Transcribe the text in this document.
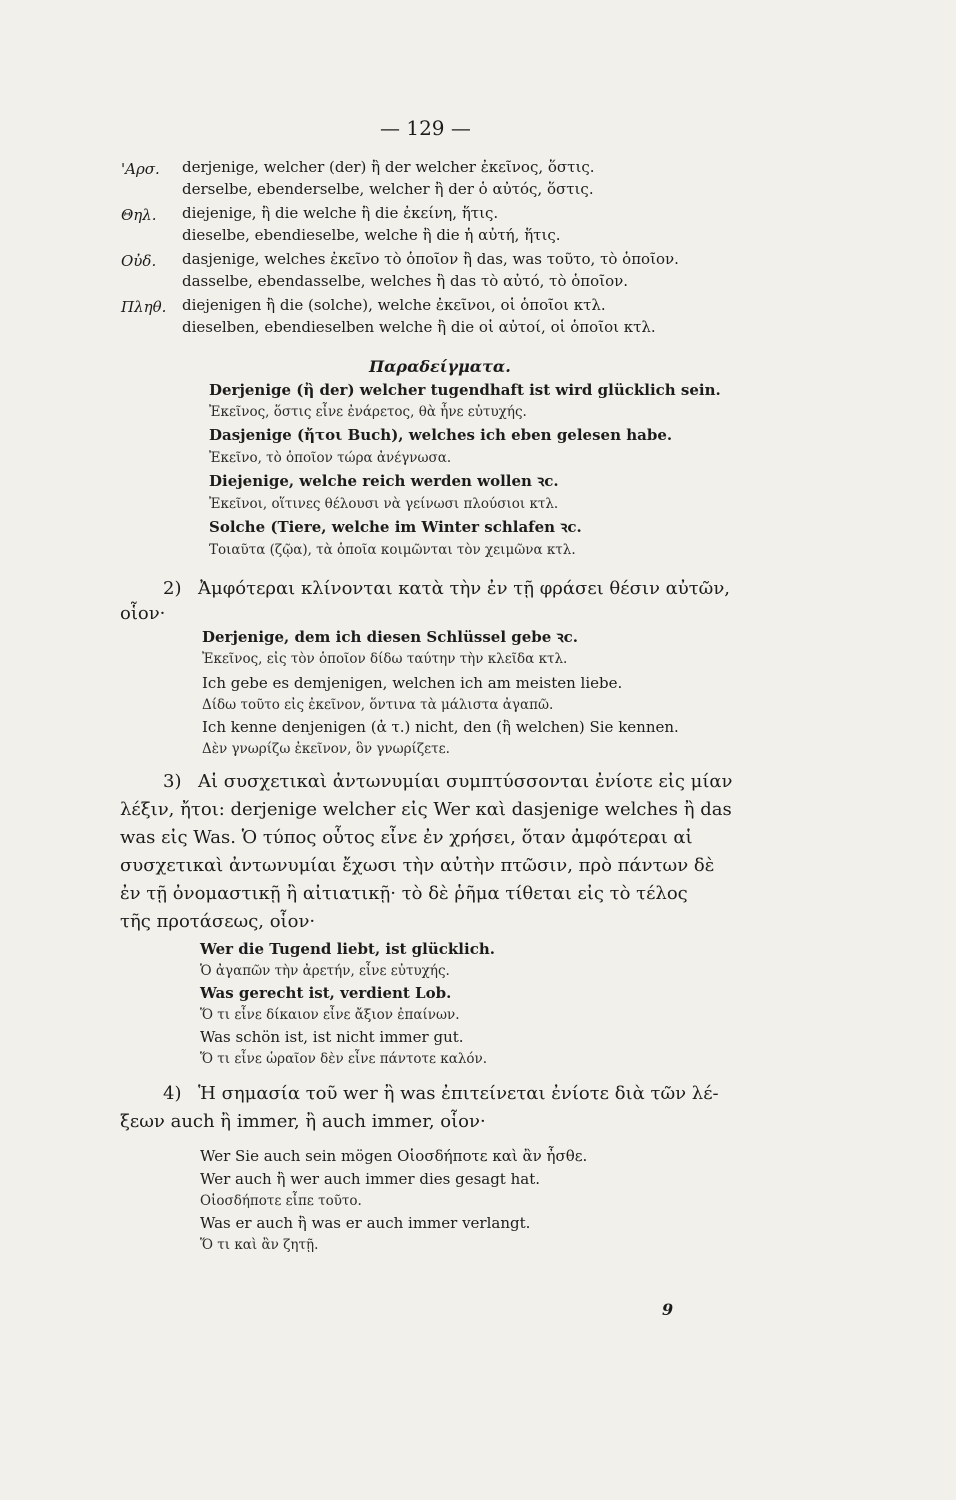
— 129 —
'Αρσ. derjenige, welcher (der) ἢ der welcher ἐκεῖνος, ὅστις.
derselbe, ebenderselbe, welcher ἢ der ὁ αὐτός, ὅστις.
Θηλ. diejenige, ἢ die welche ἢ die ἐκείνη, ἥτις.
dieselbe, ebendieselbe, welche ἢ die ἡ αὐτή, ἥτις.
Οὐδ. dasjenige, welches ἐκεῖνο τὸ ὁποῖον ἢ das, was τοῦτο, τὸ ὁποῖον.
dasselbe, ebendasselbe, welches ἢ das τὸ αὐτό, τὸ ὁποῖον.
Πληθ. diejenigen ἢ die (solche), welche ἐκεῖνοι, οἱ ὁποῖοι κτλ.
dieselben, ebendieselben welche ἢ die οἱ αὐτοί, οἱ ὁποῖοι κτλ.
Παραδείγματα.
Derjenige (ἢ der) welcher tugendhaft ist wird glücklich sein.
Ἐκεῖνος, ὅστις εἶνε ἐνάρετος, θὰ ἦνε εὐτυχής.
Dasjenige (ἤτοι Buch), welches ich eben gelesen habe.
Ἐκεῖνο, τὸ ὁποῖον τώρα ἀνέγνωσα.
Diejenige, welche reich werden wollen ꝛc.
Ἐκεῖνοι, οἵτινες θέλουσι νὰ γείνωσι πλούσιοι κτλ.
Solche (Tiere, welche im Winter schlafen ꝛc.
Τοιαῦτα (ζῷα), τὰ ὁποῖα κοιμῶνται τὸν χειμῶνα κτλ.
2) Ἀμφότεραι κλίνονται κατὰ τὴν ἐν τῇ φράσει θέσιν αὐτῶν,
οἷον·
Derjenige, dem ich diesen Schlüssel gebe ꝛc.
Ἐκεῖνος, εἰς τὸν ὁποῖον δίδω ταύτην τὴν κλεῖδα κτλ.
Ich gebe es demjenigen, welchen ich am meisten liebe.
Δίδω τοῦτο εἰς ἐκεῖνον, ὅντινα τὰ μάλιστα ἀγαπῶ.
Ich kenne denjenigen (ἀ τ.) nicht, den (ἢ welchen) Sie kennen.
Δὲν γνωρίζω ἐκεῖνον, ὃν γνωρίζετε.
3) Αἱ συσχετικαὶ ἀντωνυμίαι συμπτύσσονται ἐνίοτε εἰς μίαν
λέξιν, ἤτοι: derjenige welcher εἰς Wer καὶ dasjenige welches ἢ das
was εἰς Was. Ὁ τύπος οὗτος εἶνε ἐν χρήσει, ὅταν ἀμφότεραι αἱ
συσχετικαὶ ἀντωνυμίαι ἔχωσι τὴν αὐτὴν πτῶσιν, πρὸ πάντων δὲ
ἐν τῇ ὀνομαστικῇ ἢ αἰτιατικῇ· τὸ δὲ ῥῆμα τίθεται εἰς τὸ τέλος
τῆς προτάσεως, οἷον·
Wer die Tugend liebt, ist glücklich.
Ὁ ἀγαπῶν τὴν ἀρετήν, εἶνε εὐτυχής.
Was gerecht ist, verdient Lob.
Ὅ τι εἶνε δίκαιον εἶνε ἄξιον ἐπαίνων.
Was schön ist, ist nicht immer gut.
Ὅ τι εἶνε ὡραῖον δὲν εἶνε πάντοτε καλόν.
4) Ἡ σημασία τοῦ wer ἢ was ἐπιτείνεται ἐνίοτε διὰ τῶν λέ-
ξεων auch ἢ immer, ἢ auch immer, οἷον·
Wer Sie auch sein mögen Οἱοσδήποτε καὶ ἂν ἦσθε.
Wer auch ἢ wer auch immer dies gesagt hat.
Οἱοσδήποτε εἶπε τοῦτο.
Was er auch ἢ was er auch immer verlangt.
Ὅ τι καὶ ἂν ζητῇ.
9
